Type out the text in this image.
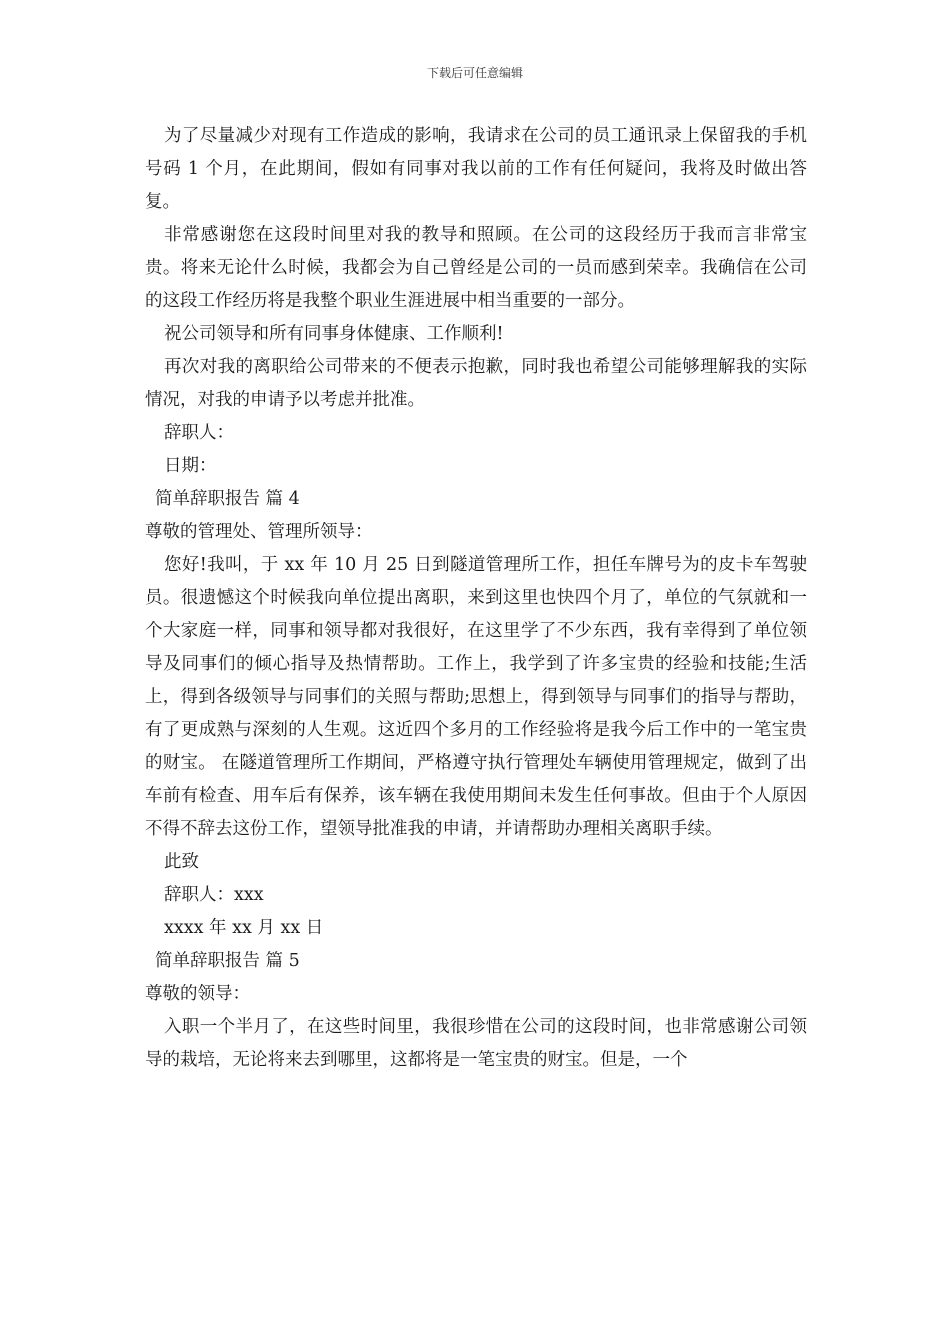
下载后可任意编辑

为了尽量减少对现有工作造成的影响，我请求在公司的员工通讯录上保留我的手机号码 1 个月，在此期间，假如有同事对我以前的工作有任何疑问，我将及时做出答复。

非常感谢您在这段时间里对我的教导和照顾。在公司的这段经历于我而言非常宝贵。将来无论什么时候，我都会为自己曾经是公司的一员而感到荣幸。我确信在公司的这段工作经历将是我整个职业生涯进展中相当重要的一部分。

祝公司领导和所有同事身体健康、工作顺利!

再次对我的离职给公司带来的不便表示抱歉，同时我也希望公司能够理解我的实际情况，对我的申请予以考虑并批准。

辞职人：

日期：

简单辞职报告 篇 4

尊敬的管理处、管理所领导：

您好!我叫，于 xx 年 10 月 25 日到隧道管理所工作，担任车牌号为的皮卡车驾驶员。很遗憾这个时候我向单位提出离职，来到这里也快四个月了，单位的气氛就和一个大家庭一样，同事和领导都对我很好，在这里学了不少东西，我有幸得到了单位领导及同事们的倾心指导及热情帮助。工作上，我学到了许多宝贵的经验和技能;生活上，得到各级领导与同事们的关照与帮助;思想上，得到领导与同事们的指导与帮助，有了更成熟与深刻的人生观。这近四个多月的工作经验将是我今后工作中的一笔宝贵的财宝。 在隧道管理所工作期间，严格遵守执行管理处车辆使用管理规定，做到了出车前有检查、用车后有保养，该车辆在我使用期间未发生任何事故。但由于个人原因不得不辞去这份工作，望领导批准我的申请，并请帮助办理相关离职手续。

此致

辞职人：xxx

xxxx 年 xx 月 xx 日

简单辞职报告 篇 5

尊敬的领导：

入职一个半月了，在这些时间里，我很珍惜在公司的这段时间，也非常感谢公司领导的栽培，无论将来去到哪里，这都将是一笔宝贵的财宝。但是，一个
